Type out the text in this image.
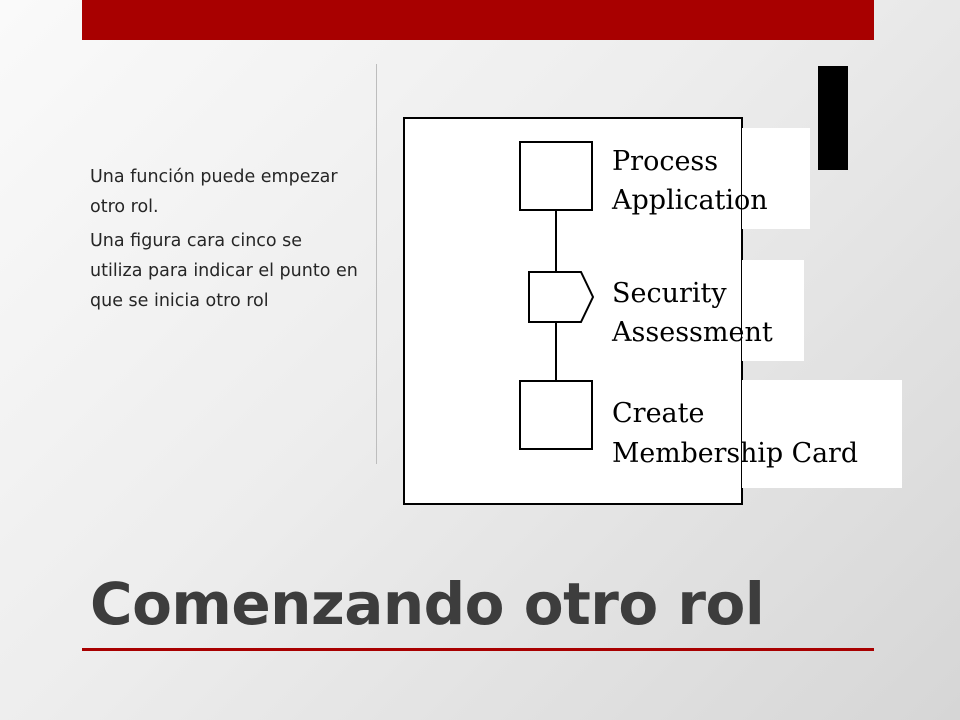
Una función puede empezar otro rol.

Una figura cara cinco se utiliza para indicar el punto en que se inicia otro rol

Process
Application
Security
Assessment
Create
Membership Card
Comenzando otro rol
